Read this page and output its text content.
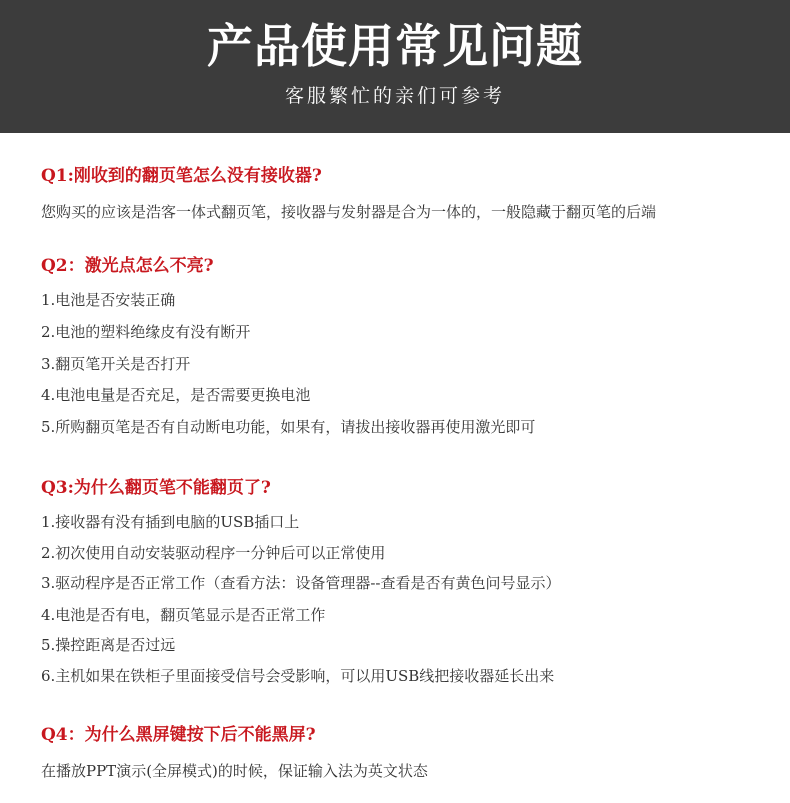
产品使用常见问题
客服繁忙的亲们可参考
Q1:刚收到的翻页笔怎么没有接收器?
您购买的应该是浩客一体式翻页笔，接收器与发射器是合为一体的，一般隐藏于翻页笔的后端
Q2：激光点怎么不亮?
1.电池是否安装正确
2.电池的塑料绝缘皮有没有断开
3.翻页笔开关是否打开
4.电池电量是否充足，是否需要更换电池
5.所购翻页笔是否有自动断电功能，如果有，请拔出接收器再使用激光即可
Q3:为什么翻页笔不能翻页了?
1.接收器有没有插到电脑的USB插口上
2.初次使用自动安装驱动程序一分钟后可以正常使用
3.驱动程序是否正常工作（查看方法：设备管理器--查看是否有黄色问号显示）
4.电池是否有电，翻页笔显示是否正常工作
5.操控距离是否过远
6.主机如果在铁柜子里面接受信号会受影响，可以用USB线把接收器延长出来
Q4：为什么黑屏键按下后不能黑屏?
在播放PPT演示(全屏模式)的时候，保证输入法为英文状态
